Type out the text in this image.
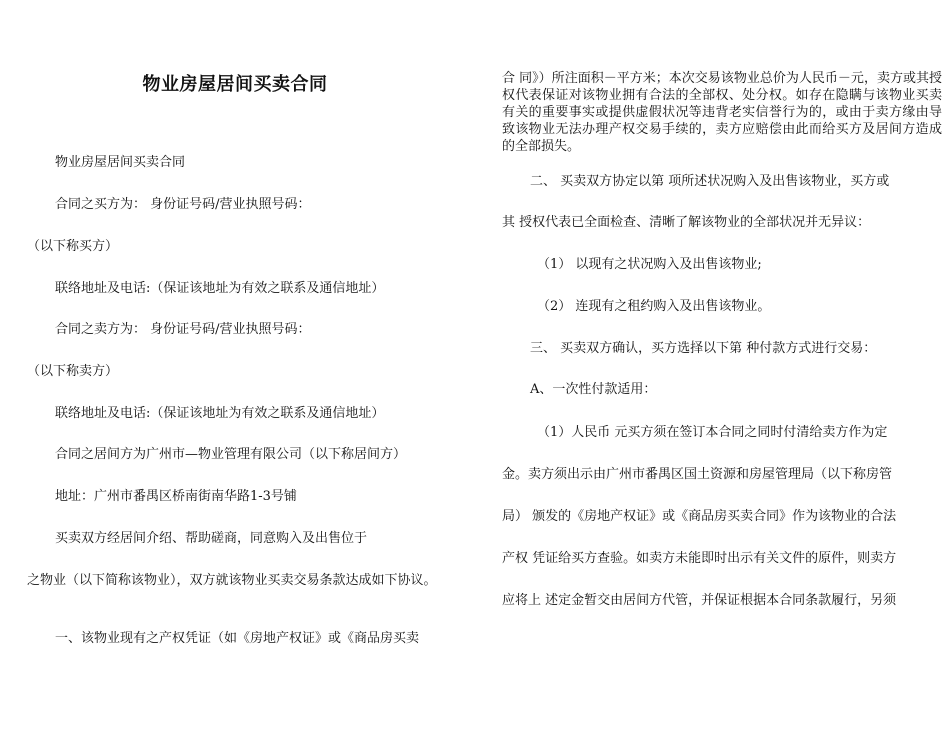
物业房屋居间买卖合同
物业房屋居间买卖合同
合同之买方为： 身份证号码/营业执照号码：
（以下称买方）
联络地址及电话:（保证该地址为有效之联系及通信地址）
合同之卖方为： 身份证号码/营业执照号码：
（以下称卖方）
联络地址及电话:（保证该地址为有效之联系及通信地址）
合同之居间方为广州市—物业管理有限公司（以下称居间方）
地址：广州市番禺区桥南街南华路1-3号铺
买卖双方经居间介绍、帮助磋商，同意购入及出售位于
之物业（以下简称该物业），双方就该物业买卖交易条款达成如下协议。
一、该物业现有之产权凭证（如《房地产权证》或《商品房买卖
合 同》）所注面积－平方米；本次交易该物业总价为人民币－元，卖方或其授权代表保证对该物业拥有合法的全部权、处分权。如存在隐瞒与该物业买卖有关的重要事实或提供虚假状况等违背老实信誉行为的，或由于卖方缘由导致该物业无法办理产权交易手续的，卖方应赔偿由此而给买方及居间方造成的全部损失。
二、 买卖双方协定以第 项所述状况购入及出售该物业，买方或
其 授权代表已全面检查、清晰了解该物业的全部状况并无异议：
（1） 以现有之状况购入及出售该物业;
（2） 连现有之租约购入及出售该物业。
三、 买卖双方确认，买方选择以下第 种付款方式进行交易：
A、一次性付款适用：
（1）人民币 元买方须在签订本合同之同时付清给卖方作为定
金。卖方须出示由广州市番禺区国土资源和房屋管理局（以下称房管
局） 颁发的《房地产权证》或《商品房买卖合同》作为该物业的合法
产权 凭证给买方查验。如卖方未能即时出示有关文件的原件，则卖方
应将上 述定金暂交由居间方代管，并保证根据本合同条款履行，另须
